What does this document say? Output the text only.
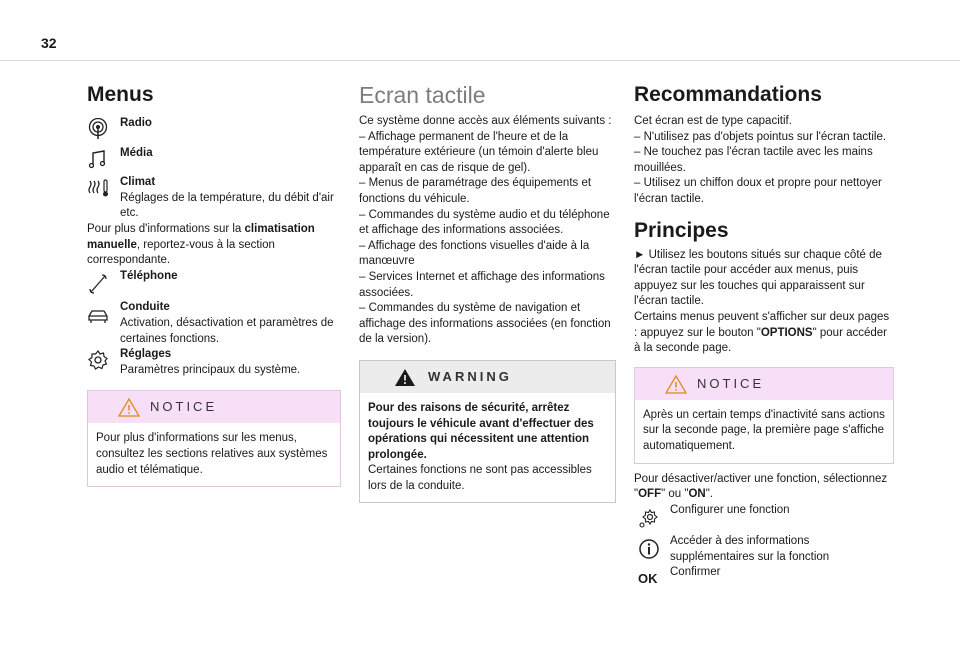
32
Menus
Radio
Média
Climat
Réglages de la température, du débit d'air etc.

Pour plus d'informations sur la climatisation manuelle, reportez-vous à la section correspondante.

Téléphone
Conduite
Activation, désactivation et paramètres de certaines fonctions.
Réglages
Paramètres principaux du système.
NOTICE
Pour plus d'informations sur les menus, consultez les sections relatives aux systèmes audio et télématique.
Ecran tactile

Ce système donne accès aux éléments suivants :
– Affichage permanent de l'heure et de la température extérieure (un témoin d'alerte bleu apparaît en cas de risque de gel).
– Menus de paramétrage des équipements et fonctions du véhicule.
– Commandes du système audio et du téléphone et affichage des informations associées.
– Affichage des fonctions visuelles d'aide à la manœuvre
– Services Internet et affichage des informations associées.
– Commandes du système de navigation et affichage des informations associées (en fonction de la version).

WARNING

Pour des raisons de sécurité, arrêtez toujours le véhicule avant d'effectuer des opérations qui nécessitent une attention prolongée.

Certaines fonctions ne sont pas accessibles lors de la conduite.

Recommandations

Cet écran est de type capacitif.
– N'utilisez pas d'objets pointus sur l'écran tactile.
– Ne touchez pas l'écran tactile avec les mains mouillées.
– Utilisez un chiffon doux et propre pour nettoyer l'écran tactile.

Principes

► Utilisez les boutons situés sur chaque côté de l'écran tactile pour accéder aux menus, puis appuyez sur les touches qui apparaissent sur l'écran tactile.

Certains menus peuvent s'afficher sur deux pages : appuyez sur le bouton "OPTIONS" pour accéder à la seconde page.

NOTICE
Après un certain temps d'inactivité sans actions sur la seconde page, la première page s'affiche automatiquement.

Pour désactiver/activer une fonction, sélectionnez "OFF" ou "ON".

Configurer une fonction
Accéder à des informations supplémentaires sur la fonction
OK Confirmer
